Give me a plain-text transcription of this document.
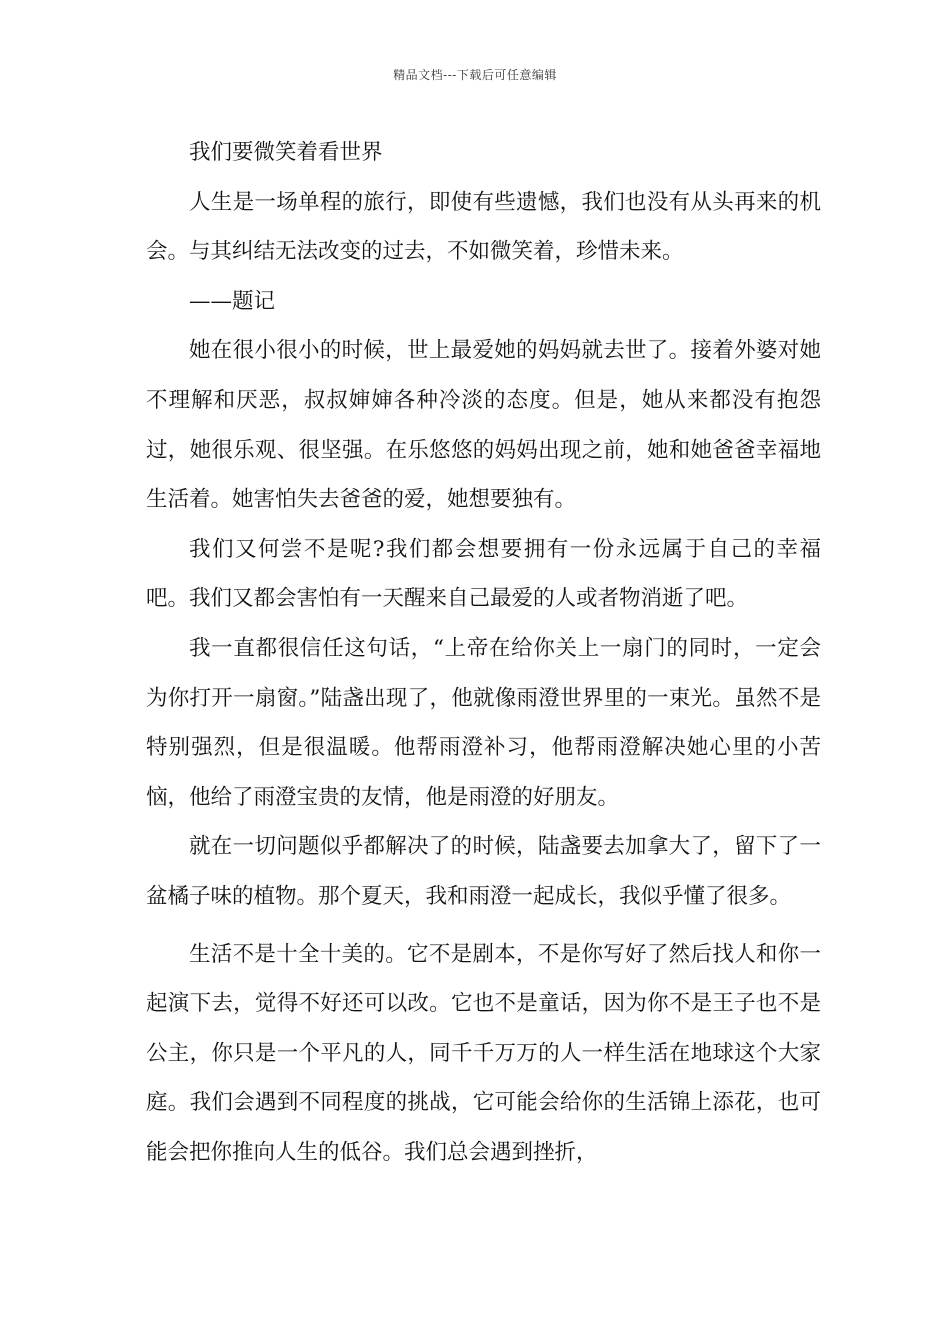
精品文档---下载后可任意编辑

我们要微笑着看世界

人生是一场单程的旅行，即使有些遗憾，我们也没有从头再来的机会。与其纠结无法改变的过去，不如微笑着，珍惜未来。

——题记

她在很小很小的时候，世上最爱她的妈妈就去世了。接着外婆对她不理解和厌恶，叔叔婶婶各种冷淡的态度。但是，她从来都没有抱怨过，她很乐观、很坚强。在乐悠悠的妈妈出现之前，她和她爸爸幸福地生活着。她害怕失去爸爸的爱，她想要独有。

我们又何尝不是呢?我们都会想要拥有一份永远属于自己的幸福吧。我们又都会害怕有一天醒来自己最爱的人或者物消逝了吧。

我一直都很信任这句话，“上帝在给你关上一扇门的同时，一定会为你打开一扇窗。”陆盏出现了，他就像雨澄世界里的一束光。虽然不是特别强烈，但是很温暖。他帮雨澄补习，他帮雨澄解决她心里的小苦恼，他给了雨澄宝贵的友情，他是雨澄的好朋友。

就在一切问题似乎都解决了的时候，陆盏要去加拿大了，留下了一盆橘子味的植物。那个夏天，我和雨澄一起成长，我似乎懂了很多。

生活不是十全十美的。它不是剧本，不是你写好了然后找人和你一起演下去，觉得不好还可以改。它也不是童话，因为你不是王子也不是公主，你只是一个平凡的人，同千千万万的人一样生活在地球这个大家庭。我们会遇到不同程度的挑战，它可能会给你的生活锦上添花，也可能会把你推向人生的低谷。我们总会遇到挫折，
